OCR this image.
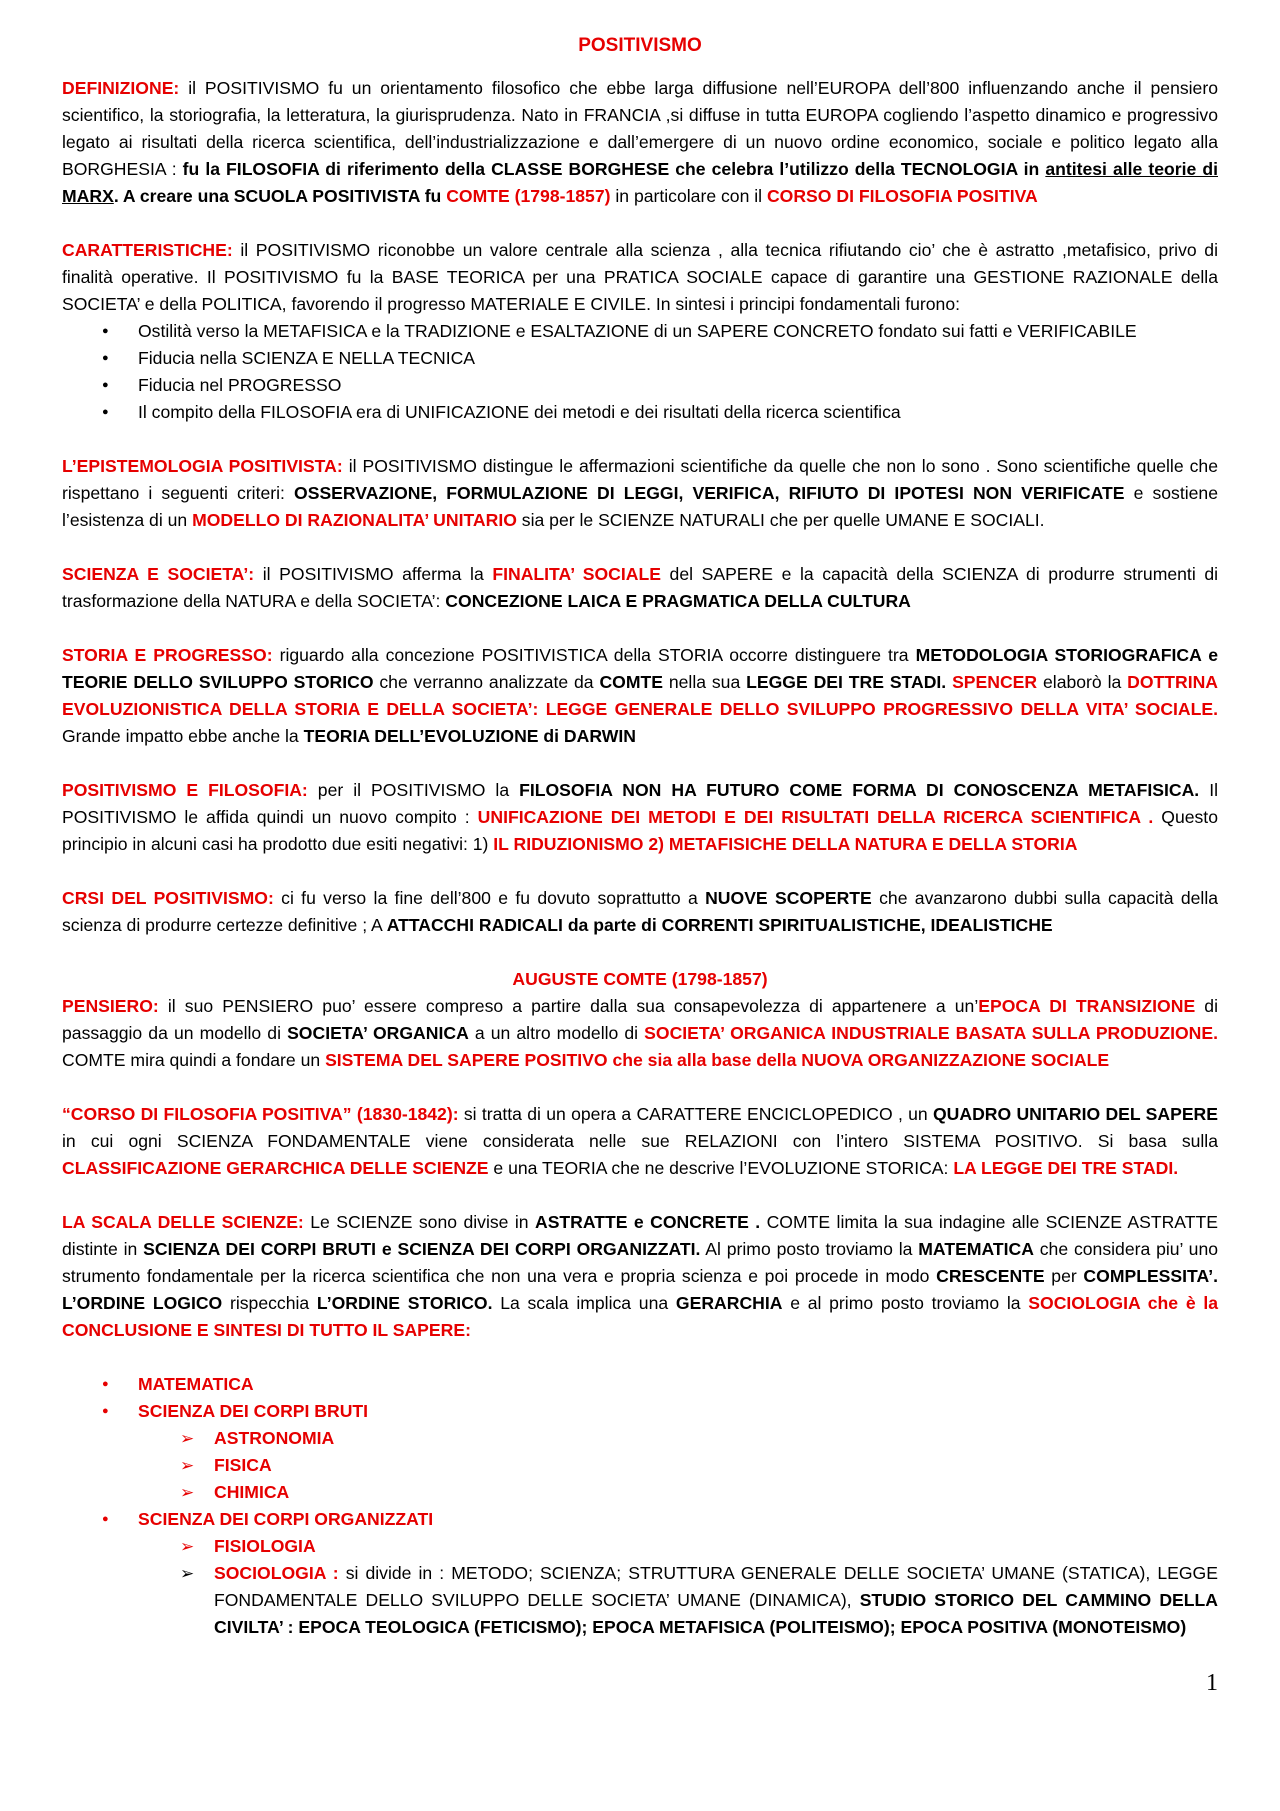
POSITIVISMO

DEFINIZIONE: il POSITIVISMO fu un orientamento filosofico che ebbe larga diffusione nell’EUROPA dell’800 influenzando anche il pensiero scientifico, la storiografia, la letteratura, la giurisprudenza. Nato in FRANCIA ,si diffuse in tutta EUROPA cogliendo l’aspetto dinamico e progressivo legato ai risultati della ricerca scientifica, dell’industrializzazione e dall’emergere di un nuovo ordine economico, sociale e politico legato alla BORGHESIA : fu la FILOSOFIA di riferimento della CLASSE BORGHESE che celebra l’utilizzo della TECNOLOGIA in antitesi alle teorie di MARX. A creare una SCUOLA POSITIVISTA fu COMTE (1798-1857) in particolare con il CORSO DI FILOSOFIA POSITIVA

CARATTERISTICHE: il POSITIVISMO riconobbe un valore centrale alla scienza , alla tecnica rifiutando cio’ che è astratto ,metafisico, privo di finalità operative. Il POSITIVISMO fu la BASE TEORICA per una PRATICA SOCIALE capace di garantire una GESTIONE RAZIONALE della SOCIETA’ e della POLITICA, favorendo il progresso MATERIALE E CIVILE. In sintesi i principi fondamentali furono:

● Ostilità verso la METAFISICA e la TRADIZIONE e ESALTAZIONE di un SAPERE CONCRETO fondato sui fatti e VERIFICABILE
● Fiducia nella SCIENZA E NELLA TECNICA
● Fiducia nel PROGRESSO
● Il compito della FILOSOFIA era di UNIFICAZIONE dei metodi e dei risultati della ricerca scientifica

L’EPISTEMOLOGIA POSITIVISTA: il POSITIVISMO distingue le affermazioni scientifiche da quelle che non lo sono . Sono scientifiche quelle che rispettano i seguenti criteri: OSSERVAZIONE, FORMULAZIONE DI LEGGI, VERIFICA, RIFIUTO DI IPOTESI NON VERIFICATE e sostiene l’esistenza di un MODELLO DI RAZIONALITA’ UNITARIO sia per le SCIENZE NATURALI che per quelle UMANE E SOCIALI.

SCIENZA E SOCIETA’: il POSITIVISMO afferma la FINALITA’ SOCIALE del SAPERE e la capacità della SCIENZA di produrre strumenti di trasformazione della NATURA e della SOCIETA’: CONCEZIONE LAICA E PRAGMATICA DELLA CULTURA

STORIA E PROGRESSO: riguardo alla concezione POSITIVISTICA della STORIA occorre distinguere tra METODOLOGIA STORIOGRAFICA e TEORIE DELLO SVILUPPO STORICO che verranno analizzate da COMTE nella sua LEGGE DEI TRE STADI. SPENCER elaborò la DOTTRINA EVOLUZIONISTICA DELLA STORIA E DELLA SOCIETA’: LEGGE GENERALE DELLO SVILUPPO PROGRESSIVO DELLA VITA’ SOCIALE. Grande impatto ebbe anche la TEORIA DELL’EVOLUZIONE di DARWIN

POSITIVISMO E FILOSOFIA: per il POSITIVISMO la FILOSOFIA NON HA FUTURO COME FORMA DI CONOSCENZA METAFISICA. Il POSITIVISMO le affida quindi un nuovo compito : UNIFICAZIONE DEI METODI E DEI RISULTATI DELLA RICERCA SCIENTIFICA . Questo principio in alcuni casi ha prodotto due esiti negativi: 1) IL RIDUZIONISMO 2) METAFISICHE DELLA NATURA E DELLA STORIA

CRSI DEL POSITIVISMO: ci fu verso la fine dell’800 e fu dovuto soprattutto a NUOVE SCOPERTE che avanzarono dubbi sulla capacità della scienza di produrre certezze definitive ; A ATTACCHI RADICALI da parte di CORRENTI SPIRITUALISTICHE, IDEALISTICHE

AUGUSTE COMTE (1798-1857)

PENSIERO: il suo PENSIERO puo’ essere compreso a partire dalla sua consapevolezza di appartenere a un’EPOCA DI TRANSIZIONE di passaggio da un modello di SOCIETA’ ORGANICA a un altro modello di SOCIETA’ ORGANICA INDUSTRIALE BASATA SULLA PRODUZIONE. COMTE mira quindi a fondare un SISTEMA DEL SAPERE POSITIVO che sia alla base della NUOVA ORGANIZZAZIONE SOCIALE

“CORSO DI FILOSOFIA POSITIVA” (1830-1842): si tratta di un opera a CARATTERE ENCICLOPEDICO , un QUADRO UNITARIO DEL SAPERE in cui ogni SCIENZA FONDAMENTALE viene considerata nelle sue RELAZIONI con l’intero SISTEMA POSITIVO. Si basa sulla CLASSIFICAZIONE GERARCHICA DELLE SCIENZE e una TEORIA che ne descrive l’EVOLUZIONE STORICA: LA LEGGE DEI TRE STADI.

LA SCALA DELLE SCIENZE: Le SCIENZE sono divise in ASTRATTE e CONCRETE . COMTE limita la sua indagine alle SCIENZE ASTRATTE distinte in SCIENZA DEI CORPI BRUTI e SCIENZA DEI CORPI ORGANIZZATI. Al primo posto troviamo la MATEMATICA che considera piu’ uno strumento fondamentale per la ricerca scientifica che non una vera e propria scienza e poi procede in modo CRESCENTE per COMPLESSITA’. L’ORDINE LOGICO rispecchia L’ORDINE STORICO. La scala implica una GERARCHIA e al primo posto troviamo la SOCIOLOGIA che è la CONCLUSIONE E SINTESI DI TUTTO IL SAPERE:

● MATEMATICA
● SCIENZA DEI CORPI BRUTI
➢ ASTRONOMIA
➢ FISICA
➢ CHIMICA
● SCIENZA DEI CORPI ORGANIZZATI
➢ FISIOLOGIA
➢ SOCIOLOGIA : si divide in : METODO; SCIENZA; STRUTTURA GENERALE DELLE SOCIETA’ UMANE (STATICA), LEGGE FONDAMENTALE DELLO SVILUPPO DELLE SOCIETA’ UMANE (DINAMICA), STUDIO STORICO DEL CAMMINO DELLA CIVILTA’ : EPOCA TEOLOGICA (FETICISMO); EPOCA METAFISICA (POLITEISMO); EPOCA POSITIVA (MONOTEISMO)
1
